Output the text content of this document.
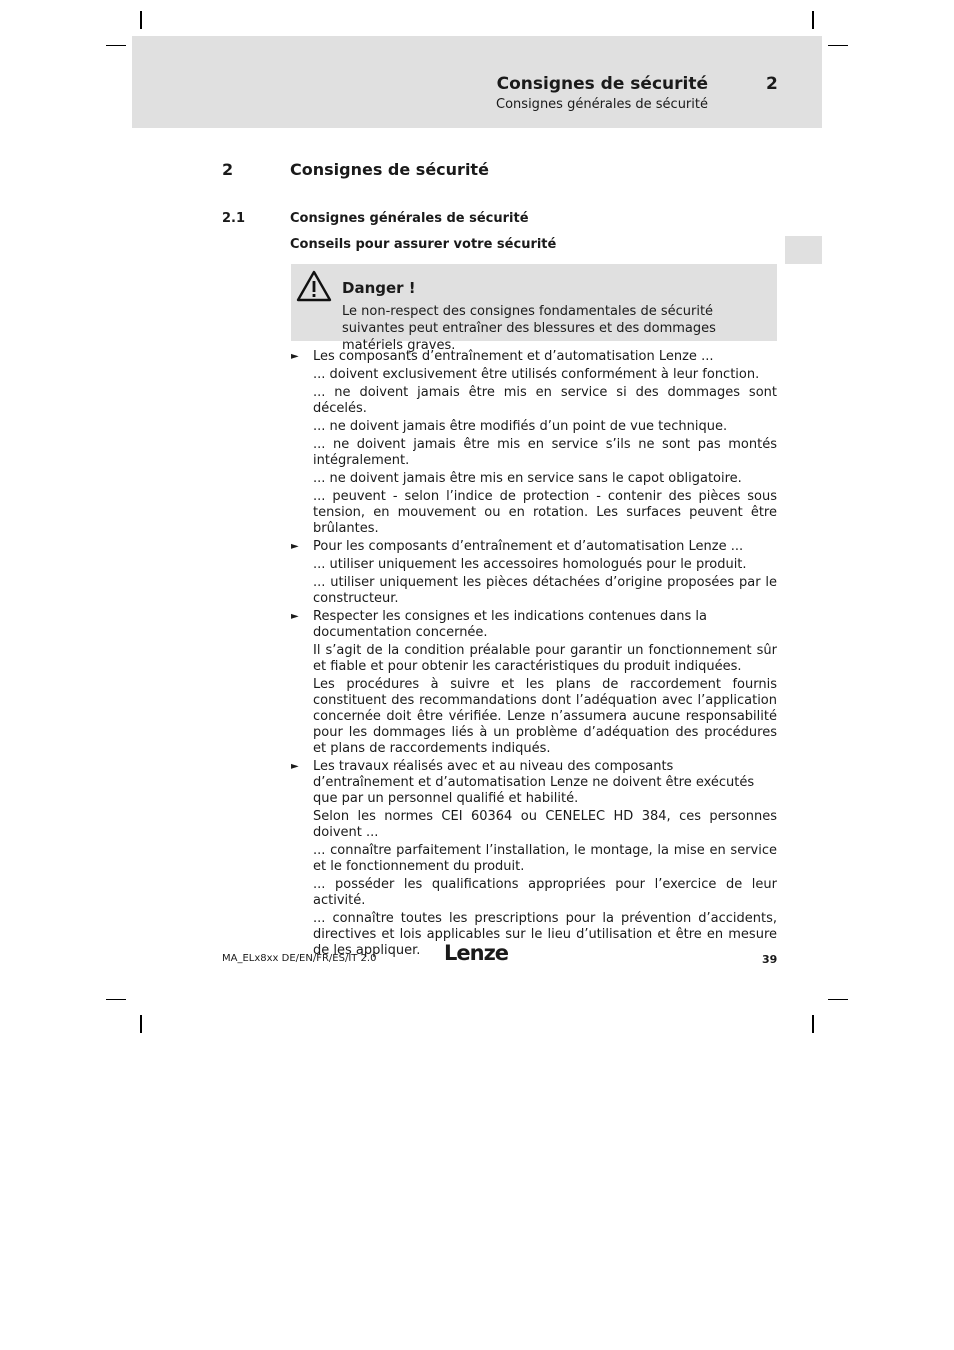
Consignes de sécurité	2
Consignes générales de sécurité
2	Consignes de sécurité
2.1	Consignes générales de sécurité
Conseils pour assurer votre sécurité
Danger !
Le non-respect des consignes fondamentales de sécurité suivantes peut entraîner des blessures et des dommages matériels graves.
► Les composants d’entraînement et d’automatisation Lenze ...
... doivent exclusivement être utilisés conformément à leur fonction.
... ne doivent jamais être mis en service si des dommages sont décelés.
... ne doivent jamais être modifiés d’un point de vue technique.
... ne doivent jamais être mis en service s’ils ne sont pas montés intégralement.
... ne doivent jamais être mis en service sans le capot obligatoire.
... peuvent - selon l’indice de protection - contenir des pièces sous tension, en mouvement ou en rotation. Les surfaces peuvent être brûlantes.
► Pour les composants d’entraînement et d’automatisation Lenze ...
... utiliser uniquement les accessoires homologués pour le produit.
... utiliser uniquement les pièces détachées d’origine proposées par le constructeur.
► Respecter les consignes et les indications contenues dans la documentation concernée.
Il s’agit de la condition préalable pour garantir un fonctionnement sûr et fiable et pour obtenir les caractéristiques du produit indiquées.
Les procédures à suivre et les plans de raccordement fournis constituent des recommandations dont l’adéquation avec l’application concernée doit être vérifiée. Lenze n’assumera aucune responsabilité pour les dommages liés à un problème d’adéquation des procédures et plans de raccordements indiqués.
► Les travaux réalisés avec et au niveau des composants d’entraînement et d’automatisation Lenze ne doivent être exécutés que par un personnel qualifié et habilité.
Selon les normes CEI 60364 ou CENELEC HD 384, ces personnes doivent ...
... connaître parfaitement l’installation, le montage, la mise en service et le fonctionnement du produit.
... posséder les qualifications appropriées pour l’exercice de leur activité.
... connaître toutes les prescriptions pour la prévention d’accidents, directives et lois applicables sur le lieu d’utilisation et être en mesure de les appliquer.
MA_ELx8xx DE/EN/FR/ES/IT 2.0	Lenze	39
